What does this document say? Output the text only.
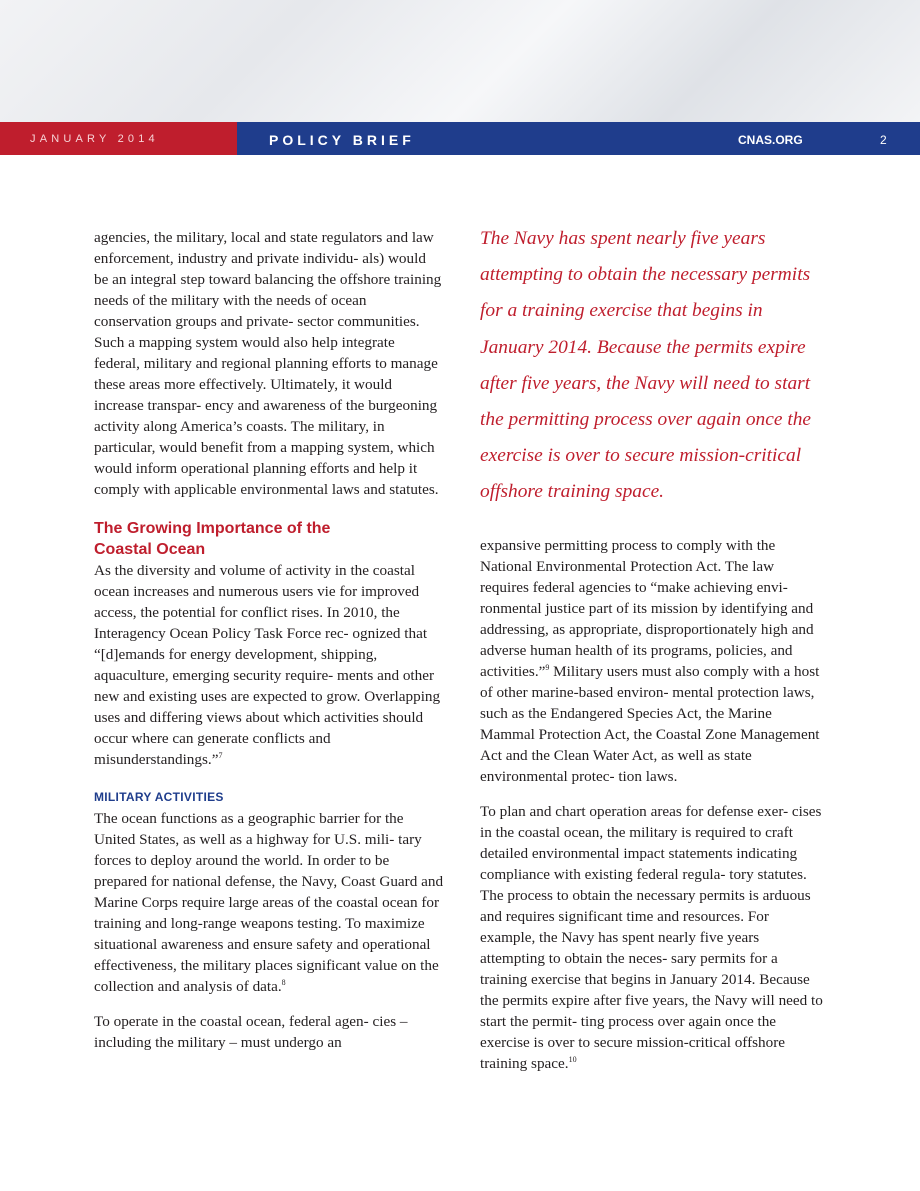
JANUARY 2014	POLICY BRIEF	CNAS.ORG	2

agencies, the military, local and state regulators and law enforcement, industry and private individu- als) would be an integral step toward balancing the offshore training needs of the military with the needs of ocean conservation groups and private- sector communities. Such a mapping system would also help integrate federal, military and regional planning efforts to manage these areas more effectively. Ultimately, it would increase transpar- ency and awareness of the burgeoning activity along America’s coasts. The military, in particular, would benefit from a mapping system, which would inform operational planning efforts and help it comply with applicable environmental laws and statutes.

The Growing Importance of the Coastal Ocean

As the diversity and volume of activity in the coastal ocean increases and numerous users vie for improved access, the potential for conflict rises. In 2010, the Interagency Ocean Policy Task Force rec- ognized that “[d]emands for energy development, shipping, aquaculture, emerging security require- ments and other new and existing uses are expected to grow. Overlapping uses and differing views about which activities should occur where can generate conflicts and misunderstandings.”$^7$

MILITARY ACTIVITIES

The ocean functions as a geographic barrier for the United States, as well as a highway for U.S. mili- tary forces to deploy around the world. In order to be prepared for national defense, the Navy, Coast Guard and Marine Corps require large areas of the coastal ocean for training and long-range weapons testing. To maximize situational awareness and ensure safety and operational effectiveness, the military places significant value on the collection and analysis of data.$^8$

To operate in the coastal ocean, federal agen- cies – including the military – must undergo an

The Navy has spent nearly five years attempting to obtain the necessary permits for a training exercise that begins in January 2014. Because the permits expire after five years, the Navy will need to start the permitting process over again once the exercise is over to secure mission-critical offshore training space.

expansive permitting process to comply with the National Environmental Protection Act. The law requires federal agencies to “make achieving envi- ronmental justice part of its mission by identifying and addressing, as appropriate, disproportionately high and adverse human health of its programs, policies, and activities.”$^9$ Military users must also comply with a host of other marine-based environ- mental protection laws, such as the Endangered Species Act, the Marine Mammal Protection Act, the Coastal Zone Management Act and the Clean Water Act, as well as state environmental protec- tion laws.

To plan and chart operation areas for defense exer- cises in the coastal ocean, the military is required to craft detailed environmental impact statements indicating compliance with existing federal regula- tory statutes. The process to obtain the necessary permits is arduous and requires significant time and resources. For example, the Navy has spent nearly five years attempting to obtain the neces- sary permits for a training exercise that begins in January 2014. Because the permits expire after five years, the Navy will need to start the permit- ting process over again once the exercise is over to secure mission-critical offshore training space.$^{10}$
